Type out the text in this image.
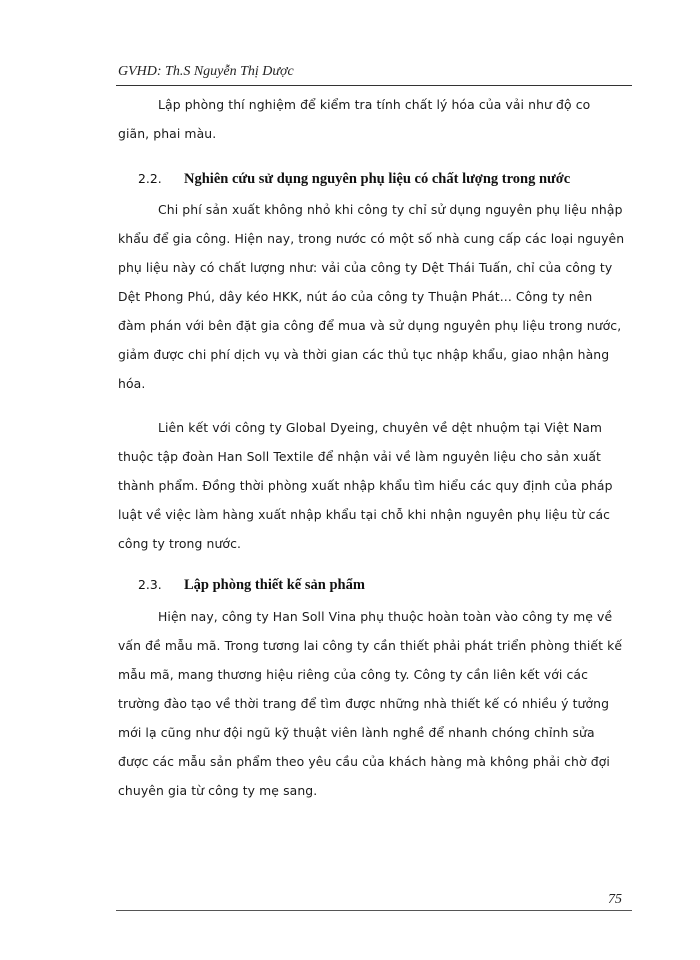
GVHD: Th.S Nguyễn Thị Dược
Lập phòng thí nghiệm để kiểm tra tính chất lý hóa của vải như độ co
giãn, phai màu.
2.2. Nghiên cứu sử dụng nguyên phụ liệu có chất lượng trong nước
Chi phí sản xuất không nhỏ khi công ty chỉ sử dụng nguyên phụ liệu nhập
khẩu để gia công. Hiện nay, trong nước có một số nhà cung cấp các loại nguyên
phụ liệu này có chất lượng như: vải của công ty Dệt Thái Tuấn, chỉ của công ty
Dệt Phong Phú, dây kéo HKK, nút áo của công ty Thuận Phát... Công ty nên
đàm phán với bên đặt gia công để mua và sử dụng nguyên phụ liệu trong nước,
giảm được chi phí dịch vụ và thời gian các thủ tục nhập khẩu, giao nhận hàng
hóa.
Liên kết với công ty Global Dyeing, chuyên về dệt nhuộm tại Việt Nam
thuộc tập đoàn Han Soll Textile để nhận vải về làm nguyên liệu cho sản xuất
thành phẩm. Đồng thời phòng xuất nhập khẩu tìm hiểu các quy định của pháp
luật về việc làm hàng xuất nhập khẩu tại chỗ khi nhận nguyên phụ liệu từ các
công ty trong nước.
2.3. Lập phòng thiết kế sản phẩm
Hiện nay, công ty Han Soll Vina phụ thuộc hoàn toàn vào công ty mẹ về
vấn đề mẫu mã. Trong tương lai công ty cần thiết phải phát triển phòng thiết kế
mẫu mã, mang thương hiệu riêng của công ty. Công ty cần liên kết với các
trường đào tạo về thời trang để tìm được những nhà thiết kế có nhiều ý tưởng
mới lạ cũng như đội ngũ kỹ thuật viên lành nghề để nhanh chóng chỉnh sửa
được các mẫu sản phẩm theo yêu cầu của khách hàng mà không phải chờ đợi
chuyên gia từ công ty mẹ sang.
75
